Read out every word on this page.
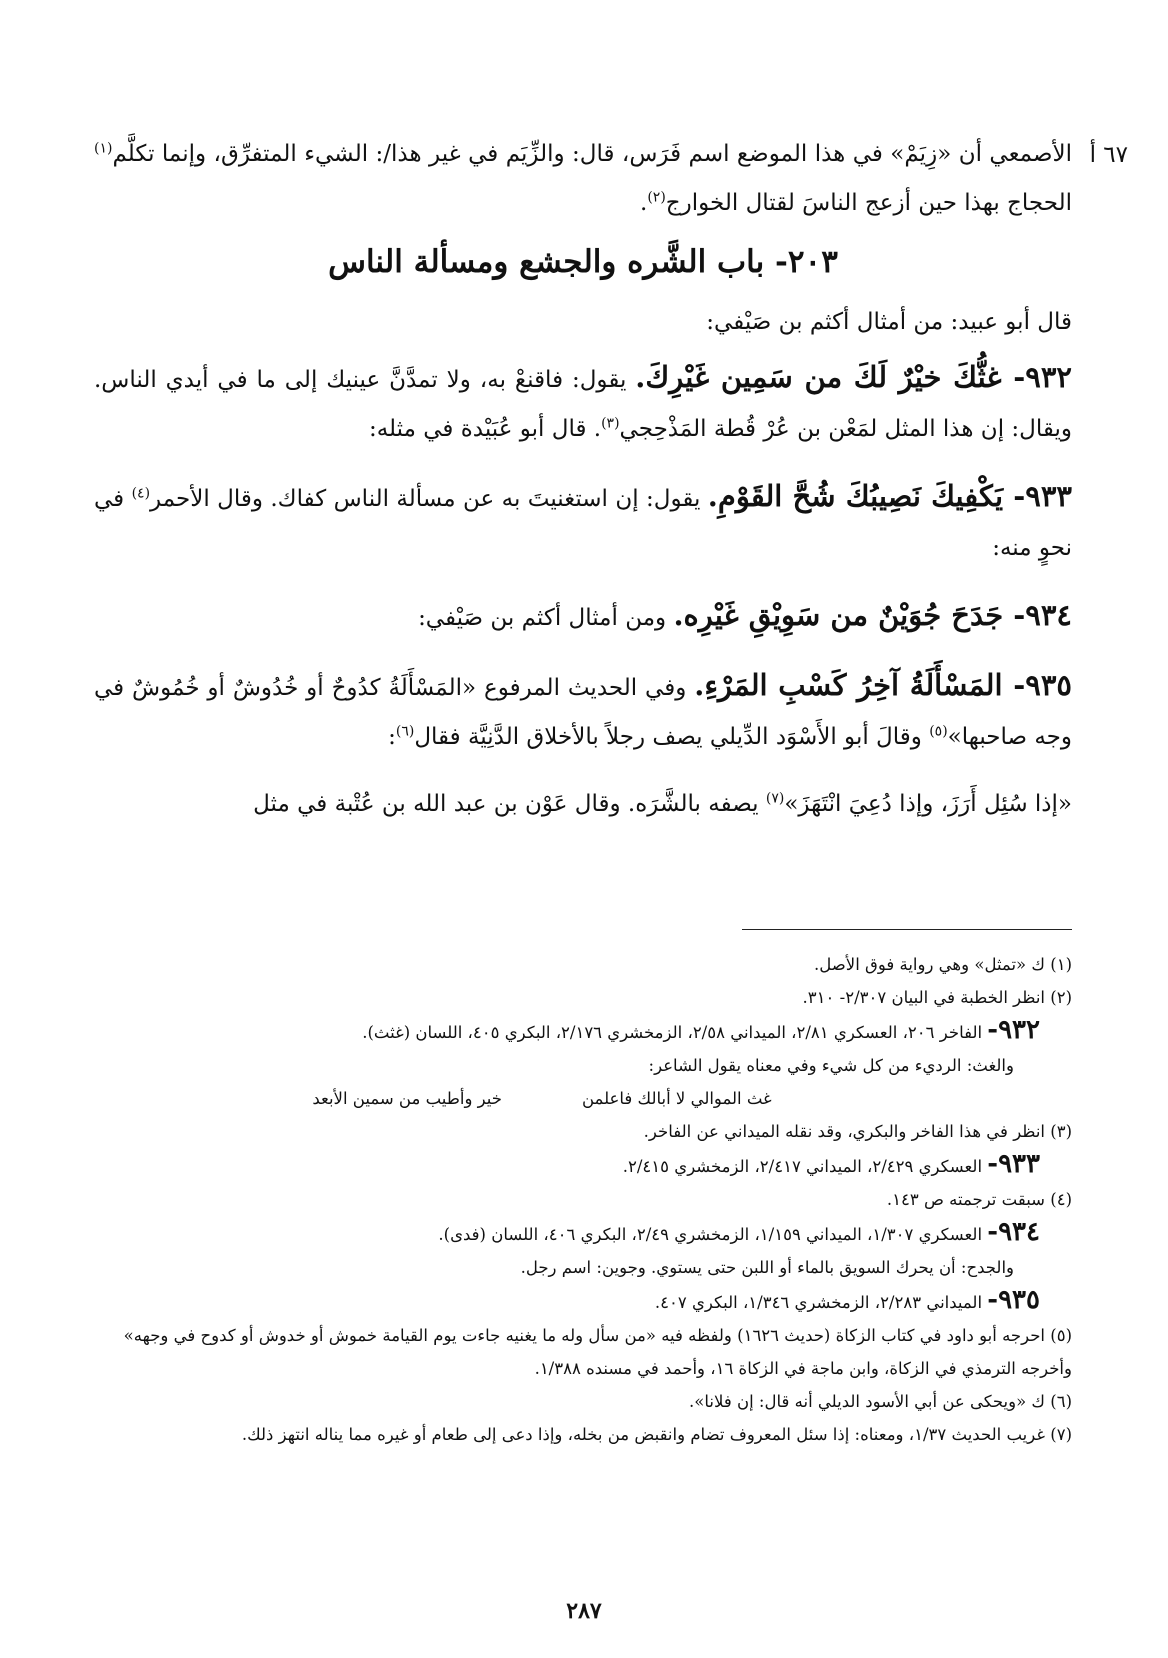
٦٧ أ

الأصمعي أن «زِيَمْ» في هذا الموضع اسم فَرَس، قال: والزِّيَم في غير هذا/: الشيء المتفرِّق، وإنما تكلَّم$^{(١)}$ الحجاج بهذا حين أزعج الناسَ لقتال الخوارج$^{(٢)}$.

٢٠٣- باب الشَّره والجشع ومسألة الناس

قال أبو عبيد: من أمثال أكثم بن صَيْفي:

٩٣٢- غثُّكَ خيْرٌ لَكَ من سَمِين غَيْرِكَ. يقول: فاقنعْ به، ولا تمدَّنَّ عينيك إلى ما في أيدي الناس. ويقال: إن هذا المثل لمَعْن بن عُرْ قُطة المَذْحِجي$^{(٣)}$. قال أبو عُبَيْدة في مثله:

٩٣٣- يَكْفِيكَ نَصِيبُكَ شُحَّ القَوْمِ. يقول: إن استغنيتَ به عن مسألة الناس كفاك. وقال الأحمر$^{(٤)}$ في نحوٍ منه:

٩٣٤- جَدَحَ جُوَيْنٌ من سَوِيْقِ غَيْرِه. ومن أمثال أكثم بن صَيْفي:

٩٣٥- المَسْأَلَةُ آخِرُ كَسْبِ المَرْءِ. وفي الحديث المرفوع «المَسْأَلَةُ كدُوحٌ أو خُدُوشٌ أو خُمُوشٌ في وجه صاحبها»$^{(٥)}$ وقالَ أبو الأَسْوَد الدِّيلي يصف رجلاً بالأخلاق الدَّنِيَّة فقال$^{(٦)}$:

«إذا سُئِل أَرَزَ، وإذا دُعِيَ انْتَهَزَ»$^{(٧)}$ يصفه بالشَّرَه. وقال عَوْن بن عبد الله بن عُتْبة في مثل

(١) ك «تمثل» وهي رواية فوق الأصل.

(٢) انظر الخطبة في البيان ٢/٣٠٧- ٣١٠.

٩٣٢- الفاخر ٢٠٦، العسكري ٢/٨١، الميداني ٢/٥٨، الزمخشري ٢/١٧٦، البكري ٤٠٥، اللسان (غثث).

والغث: الرديء من كل شيء وفي معناه يقول الشاعر:

غث الموالي لا أبالك فاعلمن
خير وأطيب من سمين الأبعد

(٣) انظر في هذا الفاخر والبكري، وقد نقله الميداني عن الفاخر.

٩٣٣- العسكري ٢/٤٢٩، الميداني ٢/٤١٧، الزمخشري ٢/٤١٥.

(٤) سبقت ترجمته ص ١٤٣.

٩٣٤- العسكري ١/٣٠٧، الميداني ١/١٥٩، الزمخشري ٢/٤٩، البكري ٤٠٦، اللسان (فدى).

والجدح: أن يحرك السويق بالماء أو اللبن حتى يستوي. وجوين: اسم رجل.

٩٣٥- الميداني ٢/٢٨٣، الزمخشري ١/٣٤٦، البكري ٤٠٧.

(٥) احرجه أبو داود في كتاب الزكاة (حديث ١٦٢٦) ولفظه فيه «من سأل وله ما يغنيه جاءت يوم القيامة خموش أو خدوش أو كدوح في وجهه» وأخرجه الترمذي في الزكاة، وابن ماجة في الزكاة ١٦، وأحمد في مسنده ١/٣٨٨.

(٦) ك «ويحكى عن أبي الأسود الديلي أنه قال: إن فلانا».

(٧) غريب الحديث ١/٣٧، ومعناه: إذا سئل المعروف تضام وانقبض من بخله، وإذا دعى إلى طعام أو غيره مما يناله انتهز ذلك.

٢٨٧
